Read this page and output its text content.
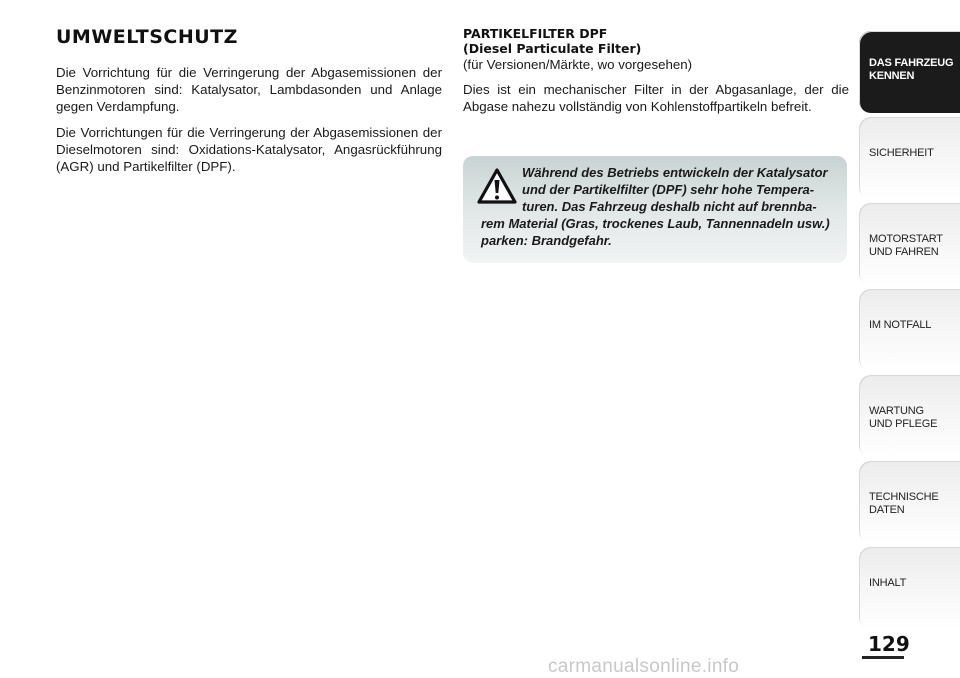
UMWELTSCHUTZ

Die Vorrichtung für die Verringerung der Abgasemissionen der Benzinmotoren sind: Katalysator, Lambdasonden und Anlage gegen Verdampfung.

Die Vorrichtungen für die Verringerung der Abgasemissionen der Dieselmotoren sind: Oxidations-Katalysator, Angasrückführung (AGR) und Partikelfilter (DPF).

PARTIKELFILTER DPF
(Diesel Particulate Filter)
(für Versionen/Märkte, wo vorgesehen)

Dies ist ein mechanischer Filter in der Abgasanlage, der die Abgase nahezu vollständig von Kohlenstoffpartikeln befreit.

Während des Betriebs entwickeln der Katalysator
und der Partikelfilter (DPF) sehr hohe Tempera-
turen. Das Fahrzeug deshalb nicht auf brennba-
rem Material (Gras, trockenes Laub, Tannennadeln usw.)
parken: Brandgefahr.

DAS FAHRZEUG
KENNEN
SICHERHEIT
MOTORSTART
UND FAHREN
IM NOTFALL
WARTUNG
UND PFLEGE
TECHNISCHE
DATEN
INHALT
129
carmanualsonline.info
